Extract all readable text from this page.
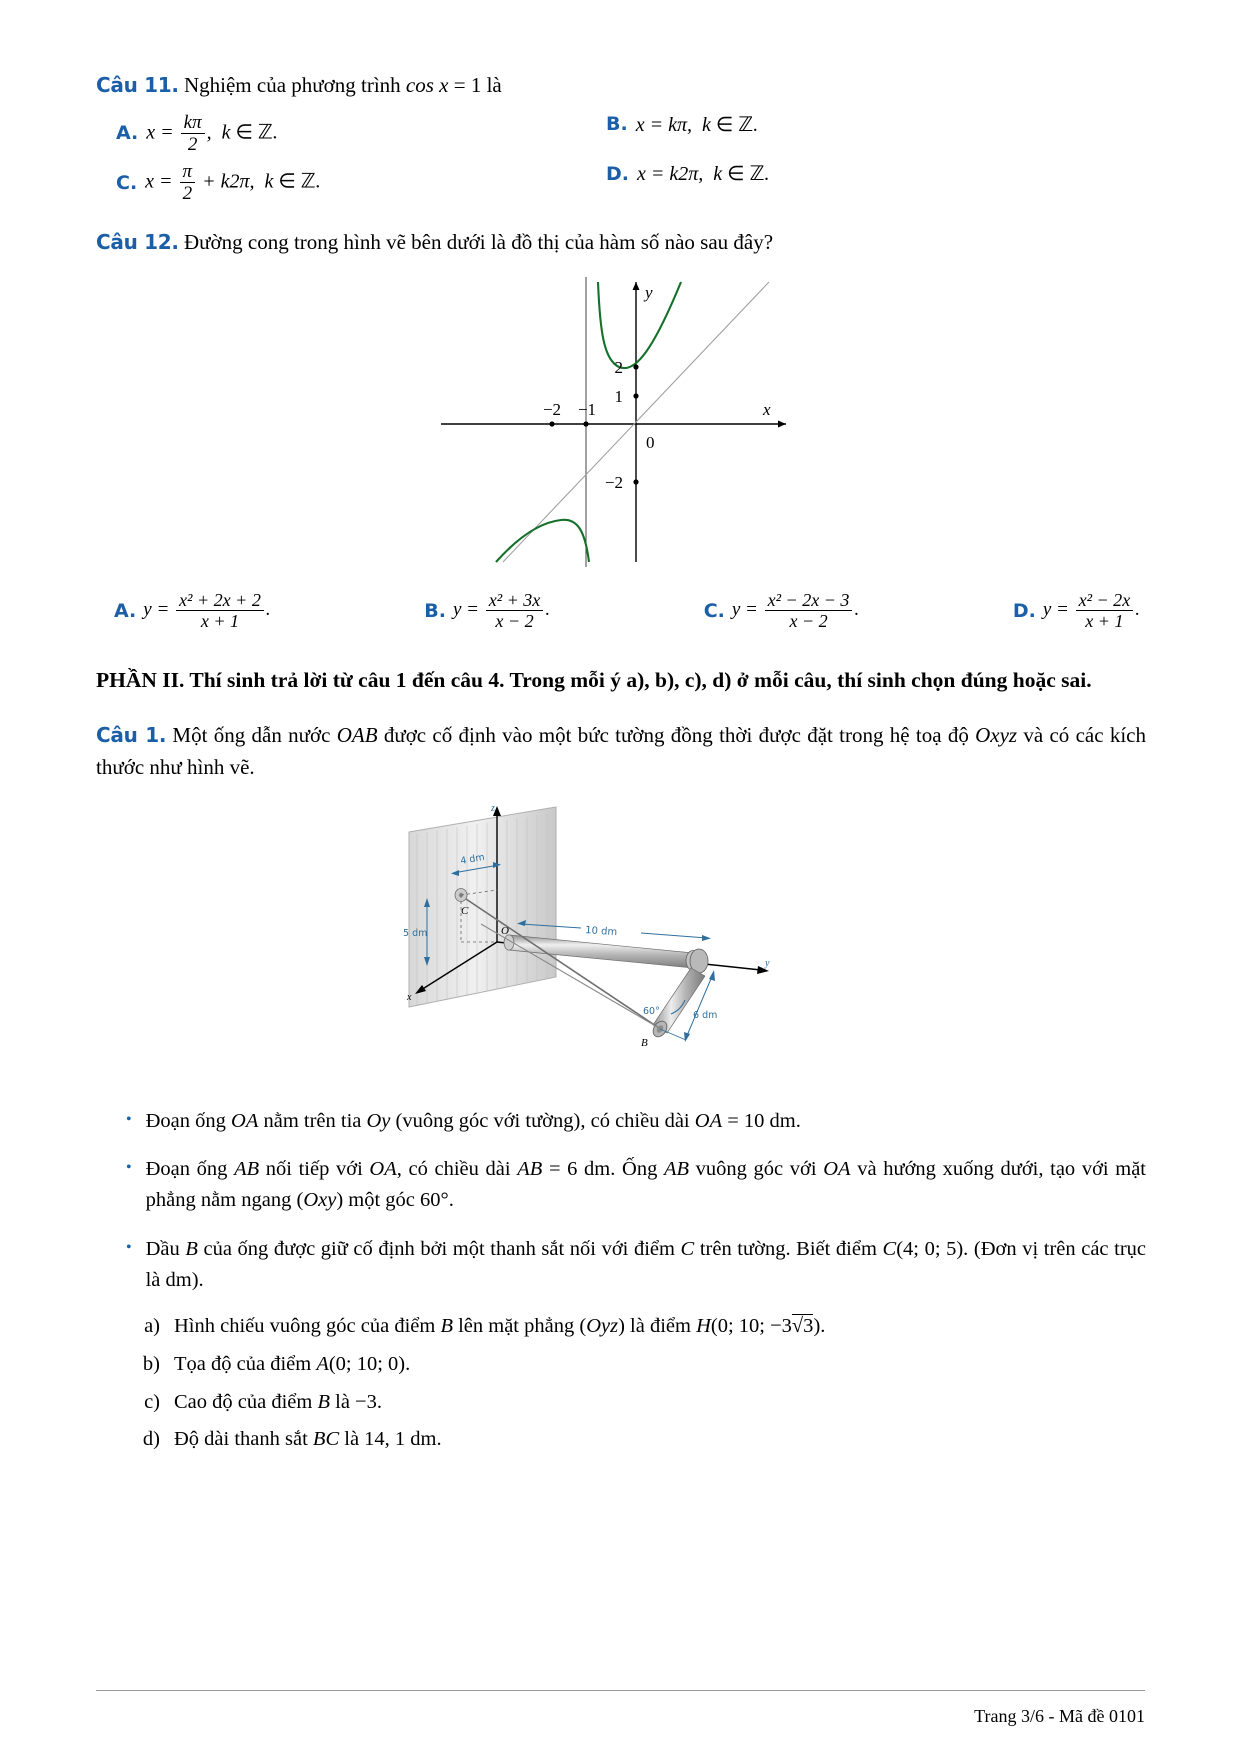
Câu 11. Nghiệm của phương trình cos x = 1 là
A. $x = \frac{k\pi}{2}$ ,  k ∈ ℤ.	B. x = kπ,  k ∈ ℤ.
C. $x = \frac{\pi}{2} + k2\pi$,  k ∈ ℤ.	D. x = k2π,  k ∈ ℤ.
Câu 12. Đường cong trong hình vẽ bên dưới là đồ thị của hàm số nào sau đây?
2
1
−2
0
−2 −1	x
y
A. $y = \frac{\text{x² + 2x + 2}}{x + 1}$ .	B. $y = \frac{\text{x² + 3x}}{x - 2}$ .	C. $y = \frac{\text{x² − 2x − 3}}{x - 2}$ .	D. $y = \frac{\text{x² − 2x}}{x + 1}$ .
PHẦN II. Thí sinh trả lời từ câu 1 đến câu 4. Trong mỗi ý a), b), c), d) ở mỗi câu, thí sinh chọn đúng hoặc sai.
Câu 1. Một ống dẫn nước OAB được cố định vào một bức tường đồng thời được đặt trong hệ toạ độ Oxyz và có các kích thước như hình vẽ.
z
x
y
C
O
B
4 dm
5 dm	10 dm
6 dm
60°
• Đoạn ống OA nằm trên tia Oy (vuông góc với tường), có chiều dài OA = 10 dm.
• Đoạn ống AB nối tiếp với OA, có chiều dài AB = 6 dm. Ống AB vuông góc với OA và hướng xuống dưới, tạo với mặt phẳng nằm ngang (Oxy) một góc 60°.
• Dầu B của ống được giữ cố định bởi một thanh sắt nối với điểm C trên tường. Biết điểm C(4; 0; 5). (Đơn vị trên các trục là dm).
a) Hình chiếu vuông góc của điểm B lên mặt phẳng (Oyz) là điểm H(0; 10; −3√3).
b) Tọa độ của điểm A(0; 10; 0).
c) Cao độ của điểm B là −3.
d) Độ dài thanh sắt BC là 14, 1 dm.
Trang 3/6 - Mã đề 0101
